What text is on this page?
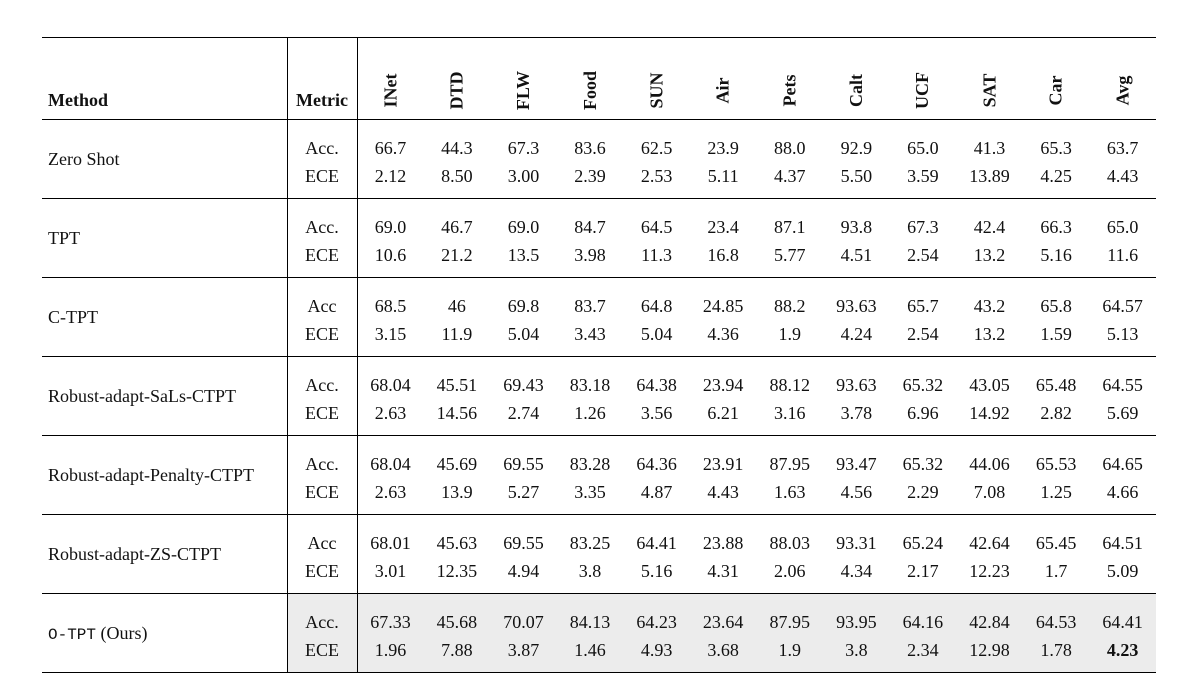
Method	Metric	INet	DTD	FLW	Food	SUN	Air	Pets	Calt	UCF	SAT	Car	Avg
Zero Shot	Acc.	66.7	44.3	67.3	83.6	62.5	23.9	88.0	92.9	65.0	41.3	65.3	63.7
	ECE	2.12	8.50	3.00	2.39	2.53	5.11	4.37	5.50	3.59	13.89	4.25	4.43
TPT	Acc.	69.0	46.7	69.0	84.7	64.5	23.4	87.1	93.8	67.3	42.4	66.3	65.0
	ECE	10.6	21.2	13.5	3.98	11.3	16.8	5.77	4.51	2.54	13.2	5.16	11.6
C-TPT	Acc	68.5	46	69.8	83.7	64.8	24.85	88.2	93.63	65.7	43.2	65.8	64.57
	ECE	3.15	11.9	5.04	3.43	5.04	4.36	1.9	4.24	2.54	13.2	1.59	5.13
Robust-adapt-SaLs-CTPT	Acc.	68.04	45.51	69.43	83.18	64.38	23.94	88.12	93.63	65.32	43.05	65.48	64.55
	ECE	2.63	14.56	2.74	1.26	3.56	6.21	3.16	3.78	6.96	14.92	2.82	5.69
Robust-adapt-Penalty-CTPT	Acc.	68.04	45.69	69.55	83.28	64.36	23.91	87.95	93.47	65.32	44.06	65.53	64.65
	ECE	2.63	13.9	5.27	3.35	4.87	4.43	1.63	4.56	2.29	7.08	1.25	4.66
Robust-adapt-ZS-CTPT	Acc	68.01	45.63	69.55	83.25	64.41	23.88	88.03	93.31	65.24	42.64	65.45	64.51
	ECE	3.01	12.35	4.94	3.8	5.16	4.31	2.06	4.34	2.17	12.23	1.7	5.09
O-TPT (Ours)	Acc.	67.33	45.68	70.07	84.13	64.23	23.64	87.95	93.95	64.16	42.84	64.53	64.41
	ECE	1.96	7.88	3.87	1.46	4.93	3.68	1.9	3.8	2.34	12.98	1.78	4.23
